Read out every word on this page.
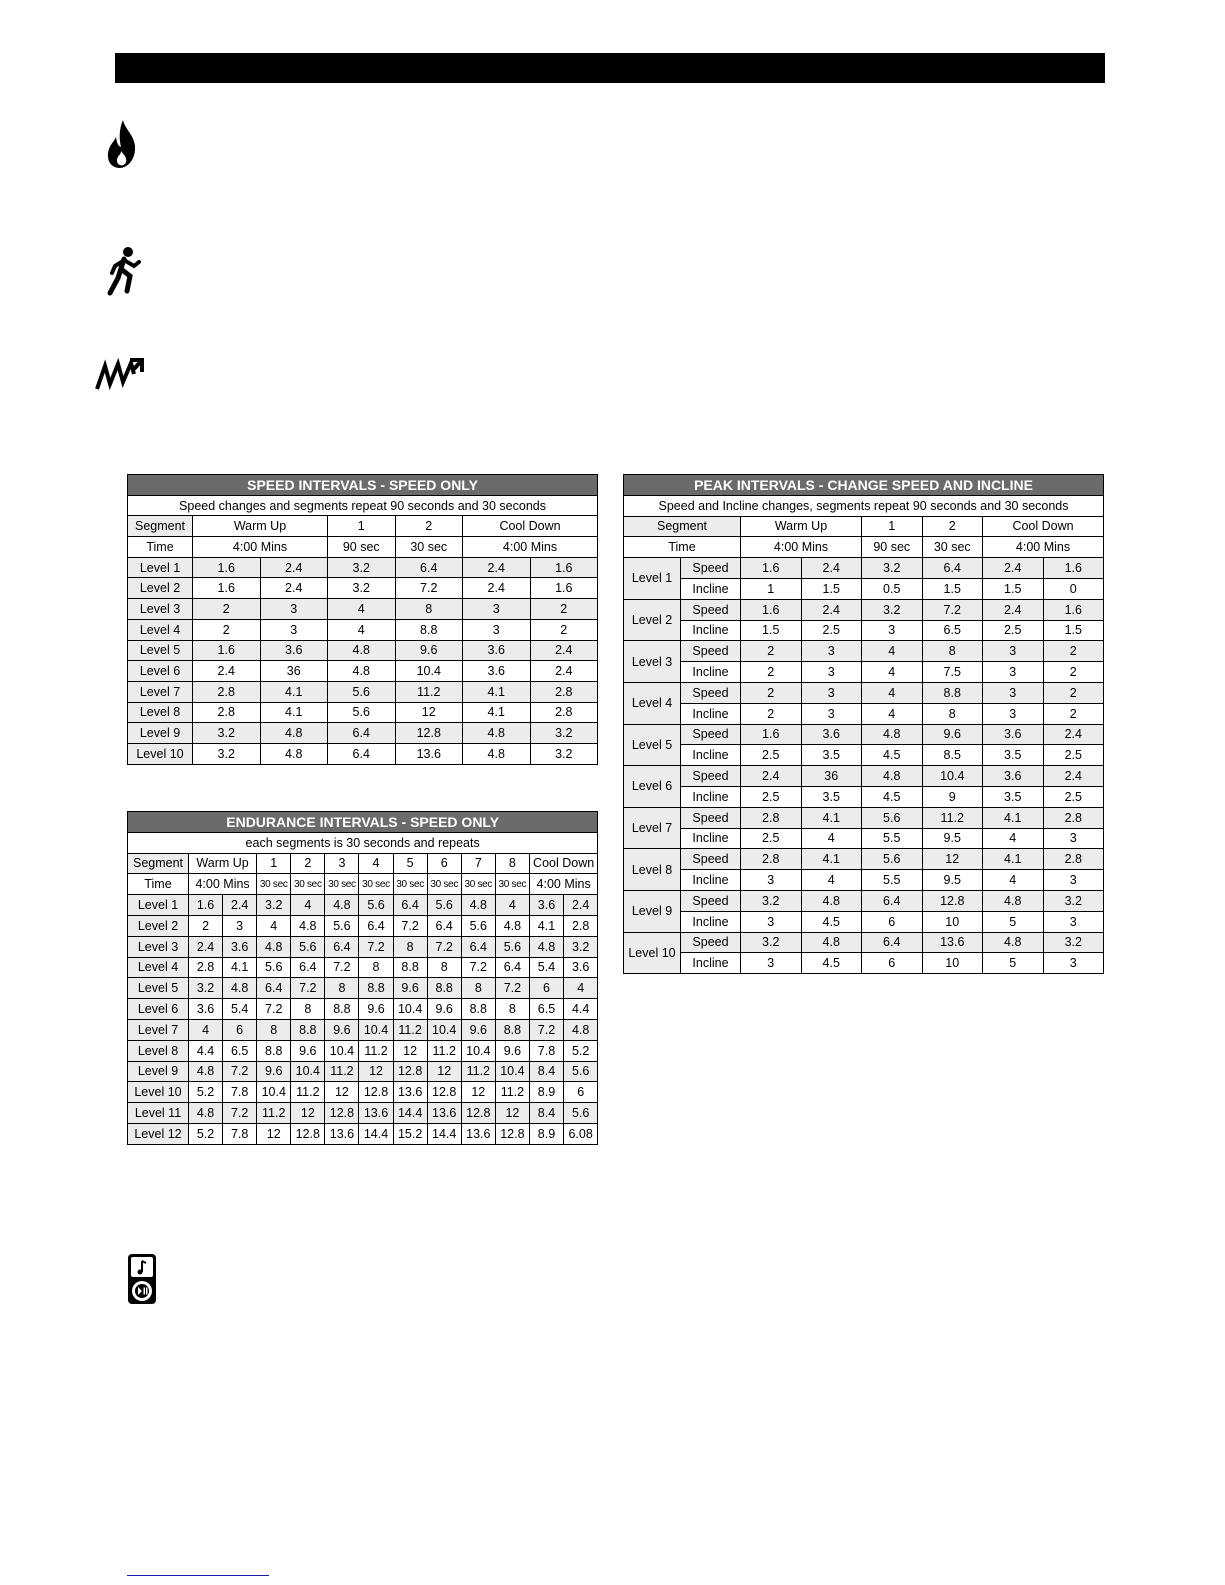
SPEED INTERVALS - SPEED ONLY						
Speed changes and segments repeat 90 seconds and 30 seconds						
Segment	Warm Up		1	2	Cool Down	
Time	4:00 Mins		90 sec	30 sec	4:00 Mins	
Level 1	1.6	2.4	3.2	6.4	2.4	1.6
Level 2	1.6	2.4	3.2	7.2	2.4	1.6
Level 3	2	3	4	8	3	2
Level 4	2	3	4	8.8	3	2
Level 5	1.6	3.6	4.8	9.6	3.6	2.4
Level 6	2.4	36	4.8	10.4	3.6	2.4
Level 7	2.8	4.1	5.6	11.2	4.1	2.8
Level 8	2.8	4.1	5.6	12	4.1	2.8
Level 9	3.2	4.8	6.4	12.8	4.8	3.2
Level 10	3.2	4.8	6.4	13.6	4.8	3.2
ENDURANCE INTERVALS - SPEED ONLY												
each segments is 30 seconds and repeats												
Segment	Warm Up		1	2	3	4	5	6	7	8	Cool Down	
Time	4:00 Mins		30 sec	30 sec	30 sec	30 sec	30 sec	30 sec	30 sec	30 sec	4:00 Mins	
Level 1	1.6	2.4	3.2	4	4.8	5.6	6.4	5.6	4.8	4	3.6	2.4
Level 2	2	3	4	4.8	5.6	6.4	7.2	6.4	5.6	4.8	4.1	2.8
Level 3	2.4	3.6	4.8	5.6	6.4	7.2	8	7.2	6.4	5.6	4.8	3.2
Level 4	2.8	4.1	5.6	6.4	7.2	8	8.8	8	7.2	6.4	5.4	3.6
Level 5	3.2	4.8	6.4	7.2	8	8.8	9.6	8.8	8	7.2	6	4
Level 6	3.6	5.4	7.2	8	8.8	9.6	10.4	9.6	8.8	8	6.5	4.4
Level 7	4	6	8	8.8	9.6	10.4	11.2	10.4	9.6	8.8	7.2	4.8
Level 8	4.4	6.5	8.8	9.6	10.4	11.2	12	11.2	10.4	9.6	7.8	5.2
Level 9	4.8	7.2	9.6	10.4	11.2	12	12.8	12	11.2	10.4	8.4	5.6
Level 10	5.2	7.8	10.4	11.2	12	12.8	13.6	12.8	12	11.2	8.9	6
Level 11	4.8	7.2	11.2	12	12.8	13.6	14.4	13.6	12.8	12	8.4	5.6
Level 12	5.2	7.8	12	12.8	13.6	14.4	15.2	14.4	13.6	12.8	8.9	6.08
PEAK INTERVALS - CHANGE SPEED AND INCLINE							
Speed and Incline changes, segments repeat 90 seconds and 30 seconds							
Segment		Warm Up		1	2	Cool Down	
Time		4:00 Mins		90 sec	30 sec	4:00 Mins	
Level 1	Speed	1.6	2.4	3.2	6.4	2.4	1.6
	Incline	1	1.5	0.5	1.5	1.5	0
Level 2	Speed	1.6	2.4	3.2	7.2	2.4	1.6
	Incline	1.5	2.5	3	6.5	2.5	1.5
Level 3	Speed	2	3	4	8	3	2
	Incline	2	3	4	7.5	3	2
Level 4	Speed	2	3	4	8.8	3	2
	Incline	2	3	4	8	3	2
Level 5	Speed	1.6	3.6	4.8	9.6	3.6	2.4
	Incline	2.5	3.5	4.5	8.5	3.5	2.5
Level 6	Speed	2.4	36	4.8	10.4	3.6	2.4
	Incline	2.5	3.5	4.5	9	3.5	2.5
Level 7	Speed	2.8	4.1	5.6	11.2	4.1	2.8
	Incline	2.5	4	5.5	9.5	4	3
Level 8	Speed	2.8	4.1	5.6	12	4.1	2.8
	Incline	3	4	5.5	9.5	4	3
Level 9	Speed	3.2	4.8	6.4	12.8	4.8	3.2
	Incline	3	4.5	6	10	5	3
Level 10	Speed	3.2	4.8	6.4	13.6	4.8	3.2
	Incline	3	4.5	6	10	5	3
